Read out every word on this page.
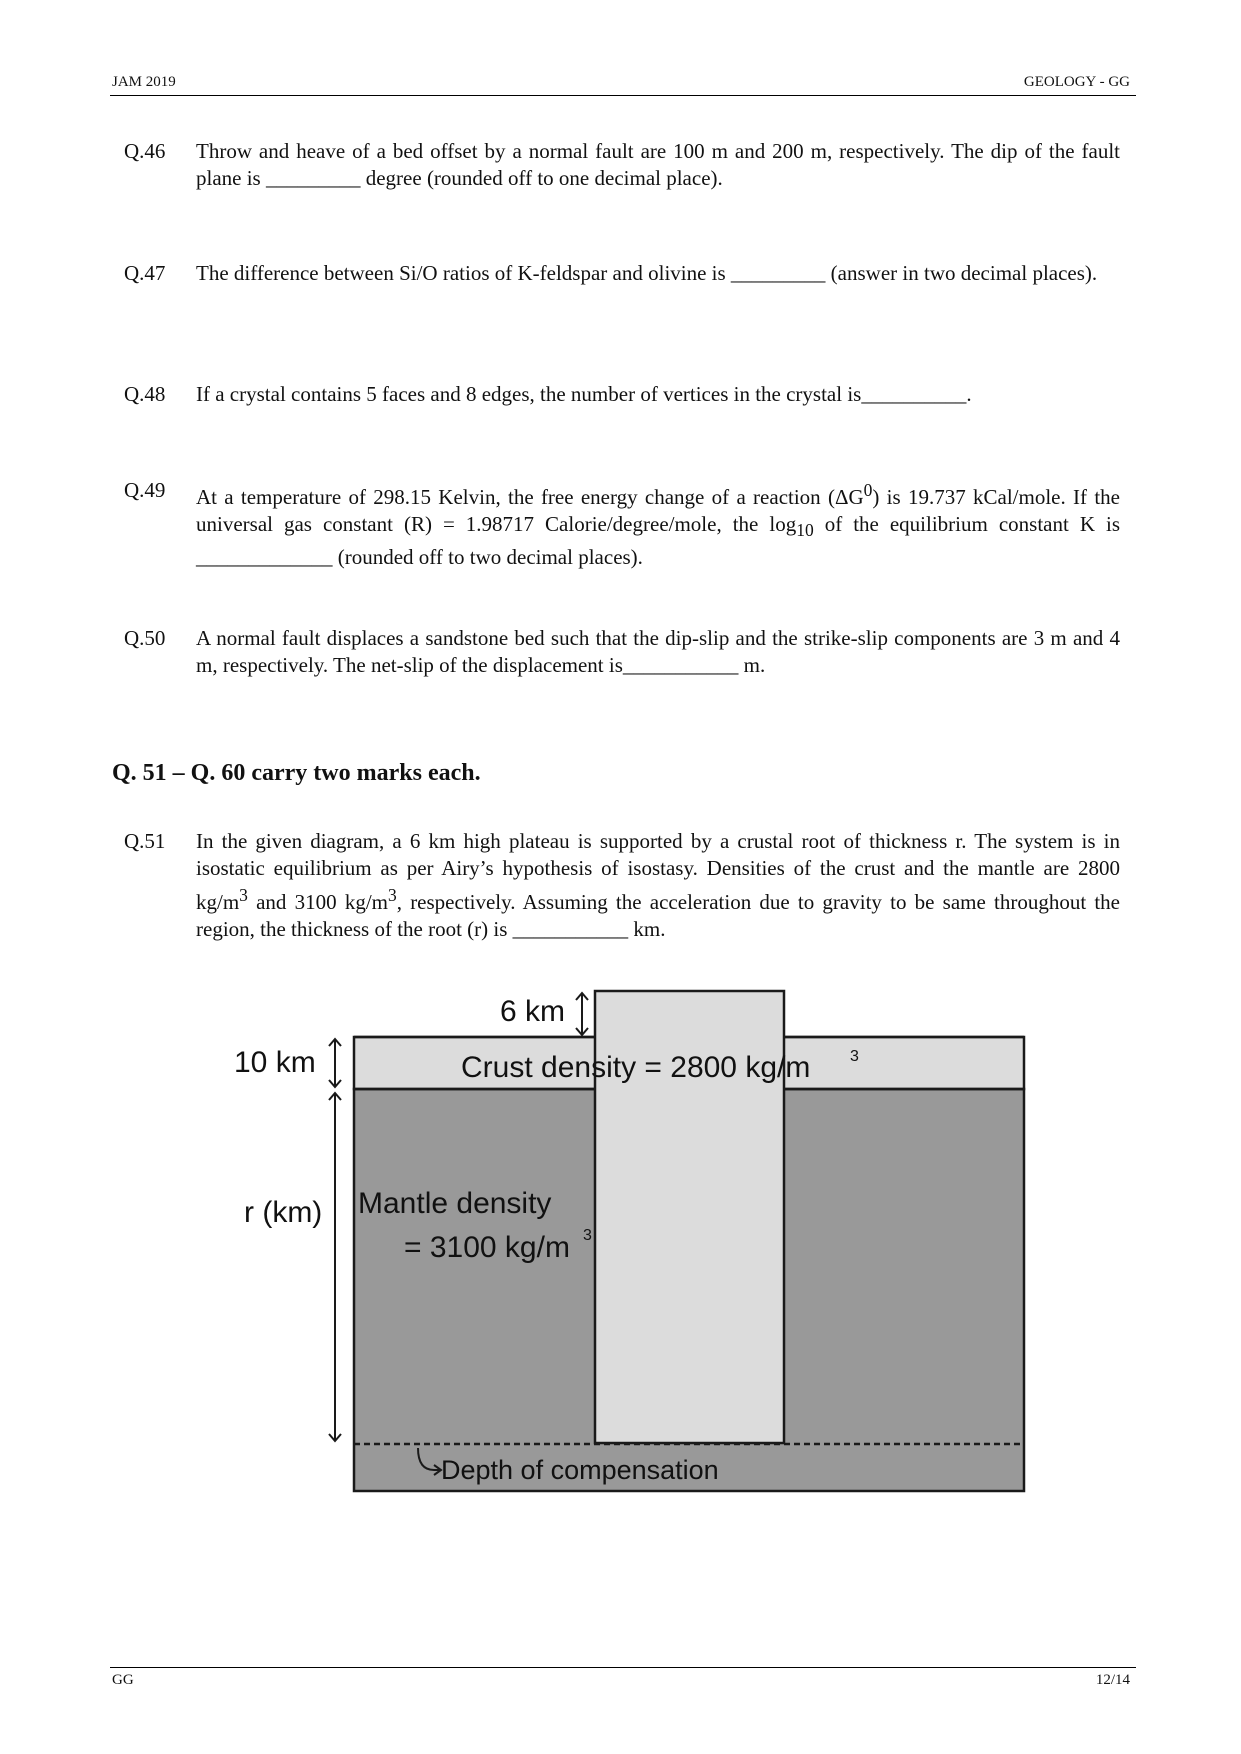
JAM 2019	GEOLOGY - GG
Q.46 Throw and heave of a bed offset by a normal fault are 100 m and 200 m, respectively. The dip of the fault plane is _________ degree (rounded off to one decimal place).
Q.47 The difference between Si/O ratios of K-feldspar and olivine is _________ (answer in two decimal places).
Q.48 If a crystal contains 5 faces and 8 edges, the number of vertices in the crystal is__________.
Q.49 At a temperature of 298.15 Kelvin, the free energy change of a reaction $(\Delta G^0)$ is 19.737 kCal/mole. If the universal gas constant (R) = 1.98717 Calorie/degree/mole, the $\log_{10}$ of the equilibrium constant K is _____________ (rounded off to two decimal places).
Q.50 A normal fault displaces a sandstone bed such that the dip-slip and the strike-slip components are 3 m and 4 m, respectively. The net-slip of the displacement is___________ m.
Q. 51 – Q. 60 carry two marks each.
Q.51 In the given diagram, a 6 km high plateau is supported by a crustal root of thickness r. The system is in isostatic equilibrium as per Airy’s hypothesis of isostasy. Densities of the crust and the mantle are 2800 $kg/m^3$ and 3100 $kg/m^3$, respectively. Assuming the acceleration due to gravity to be same throughout the region, the thickness of the root (r) is ___________ km.
6 km
10 km
r (km)
Crust density = 2800 kg/m 3
Mantle density
= 3100 kg/m 3
Depth of compensation
GG	12/14
